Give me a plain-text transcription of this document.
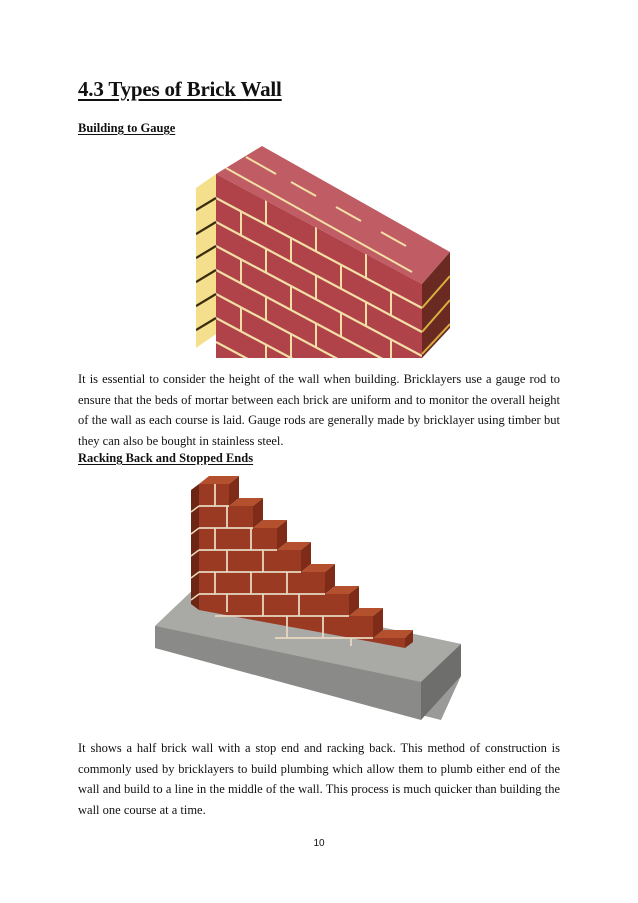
4.3 Types of Brick Wall
Building to Gauge

It is essential to consider the height of the wall when building. Bricklayers use a gauge rod to ensure that the beds of mortar between each brick are uniform and to monitor the overall height of the wall as each course is laid. Gauge rods are generally made by bricklayer using timber but they can also be bought in stainless steel.

Racking Back and Stopped Ends

It shows a half brick wall with a stop end and racking back. This method of construction is commonly used by bricklayers to build plumbing which allow them to plumb either end of the wall and build to a line in the middle of the wall. This process is much quicker than building the wall one course at a time.

10
